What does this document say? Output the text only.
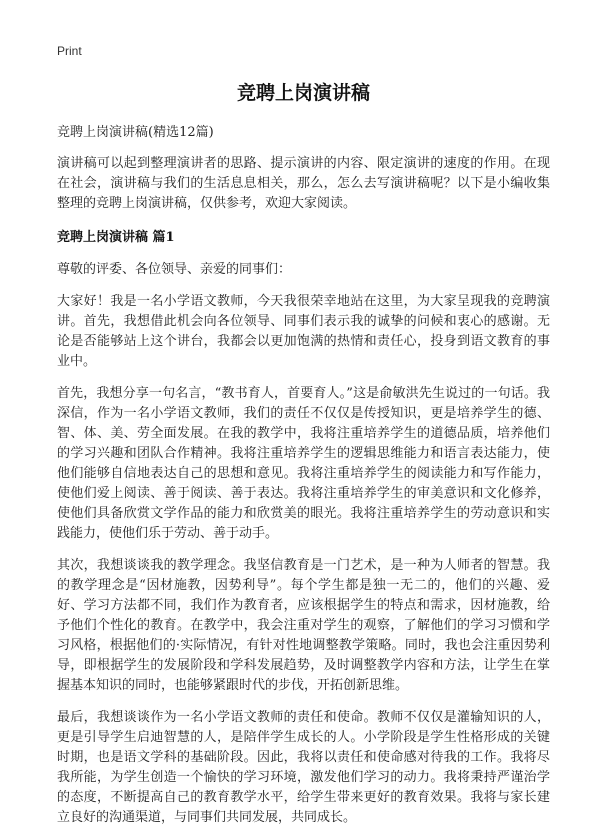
Print
竞聘上岗演讲稿
竞聘上岗演讲稿(精选12篇)

演讲稿可以起到整理演讲者的思路、提示演讲的内容、限定演讲的速度的作用。在现在社会，演讲稿与我们的生活息息相关，那么，怎么去写演讲稿呢？以下是小编收集整理的竞聘上岗演讲稿，仅供参考，欢迎大家阅读。

竞聘上岗演讲稿 篇1

尊敬的评委、各位领导、亲爱的同事们：

大家好！我是一名小学语文教师，今天我很荣幸地站在这里，为大家呈现我的竞聘演讲。首先，我想借此机会向各位领导、同事们表示我的诚挚的问候和衷心的感谢。无论是否能够站上这个讲台，我都会以更加饱满的热情和责任心，投身到语文教育的事业中。

首先，我想分享一句名言，“教书育人，首要育人。”这是俞敏洪先生说过的一句话。我深信，作为一名小学语文教师，我们的责任不仅仅是传授知识，更是培养学生的德、智、体、美、劳全面发展。在我的教学中，我将注重培养学生的道德品质，培养他们的学习兴趣和团队合作精神。我将注重培养学生的逻辑思维能力和语言表达能力，使他们能够自信地表达自己的思想和意见。我将注重培养学生的阅读能力和写作能力，使他们爱上阅读、善于阅读、善于表达。我将注重培养学生的审美意识和文化修养，使他们具备欣赏文学作品的能力和欣赏美的眼光。我将注重培养学生的劳动意识和实践能力，使他们乐于劳动、善于动手。

其次，我想谈谈我的教学理念。我坚信教育是一门艺术，是一种为人师者的智慧。我的教学理念是“因材施教，因势利导”。每个学生都是独一无二的，他们的兴趣、爱好、学习方法都不同，我们作为教育者，应该根据学生的特点和需求，因材施教，给予他们个性化的教育。在教学中，我会注重对学生的观察，了解他们的学习习惯和学习风格，根据他们的·实际情况，有针对性地调整教学策略。同时，我也会注重因势利导，即根据学生的发展阶段和学科发展趋势，及时调整教学内容和方法，让学生在掌握基本知识的同时，也能够紧跟时代的步伐，开拓创新思维。

最后，我想谈谈作为一名小学语文教师的责任和使命。教师不仅仅是灌输知识的人，更是引导学生启迪智慧的人，是陪伴学生成长的人。小学阶段是学生性格形成的关键时期，也是语文学科的基础阶段。因此，我将以责任和使命感对待我的工作。我将尽我所能，为学生创造一个愉快的学习环境，激发他们学习的动力。我将秉持严谨治学的态度，不断提高自己的教育教学水平，给学生带来更好的教育效果。我将与家长建立良好的沟通渠道，与同事们共同发展，共同成长。
